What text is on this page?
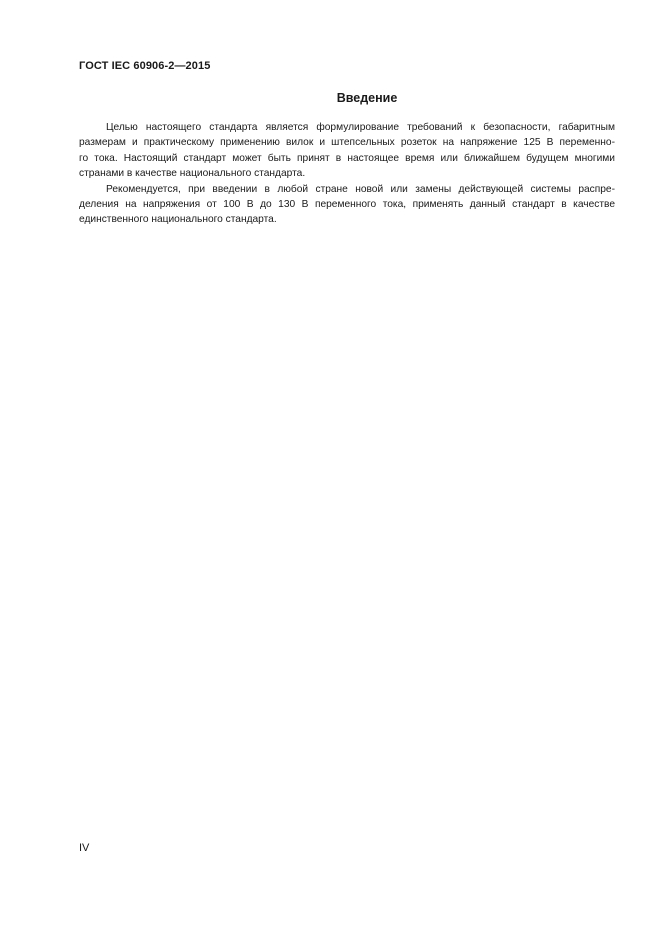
ГОСТ IEC 60906-2—2015
Введение
Целью настоящего стандарта является формулирование требований к безопасности, габаритным
размерам и практическому применению вилок и штепсельных розеток на напряжение 125 В переменно-
го тока. Настоящий стандарт может быть принят в настоящее время или ближайшем будущем многими
странами в качестве национального стандарта.
Рекомендуется, при введении в любой стране новой или замены действующей системы распре-
деления на напряжения от 100 В до 130 В переменного тока, применять данный стандарт в качестве
единственного национального стандарта.
IV
